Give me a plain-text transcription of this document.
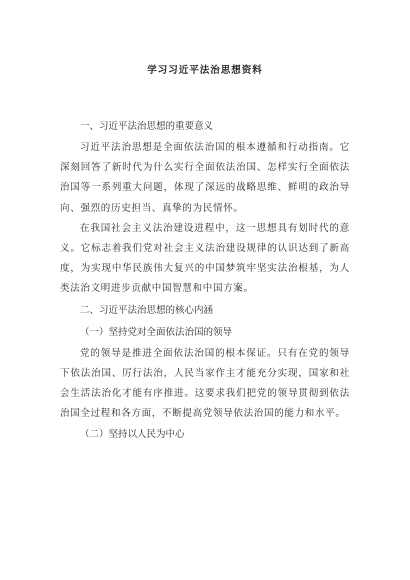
学习习近平法治思想资料

一、习近平法治思想的重要意义

习近平法治思想是全面依法治国的根本遵循和行动指南。它深刻回答了新时代为什么实行全面依法治国、怎样实行全面依法治国等一系列重大问题，体现了深远的战略思维、鲜明的政治导向、强烈的历史担当、真挚的为民情怀。

在我国社会主义法治建设进程中，这一思想具有划时代的意义。它标志着我们党对社会主义法治建设规律的认识达到了新高度，为实现中华民族伟大复兴的中国梦筑牢坚实法治根基，为人类法治文明进步贡献中国智慧和中国方案。

二、习近平法治思想的核心内涵

（一）坚持党对全面依法治国的领导

党的领导是推进全面依法治国的根本保证。只有在党的领导下依法治国、厉行法治，人民当家作主才能充分实现，国家和社会生活法治化才能有序推进。这要求我们把党的领导贯彻到依法治国全过程和各方面，不断提高党领导依法治国的能力和水平。

（二）坚持以人民为中心
